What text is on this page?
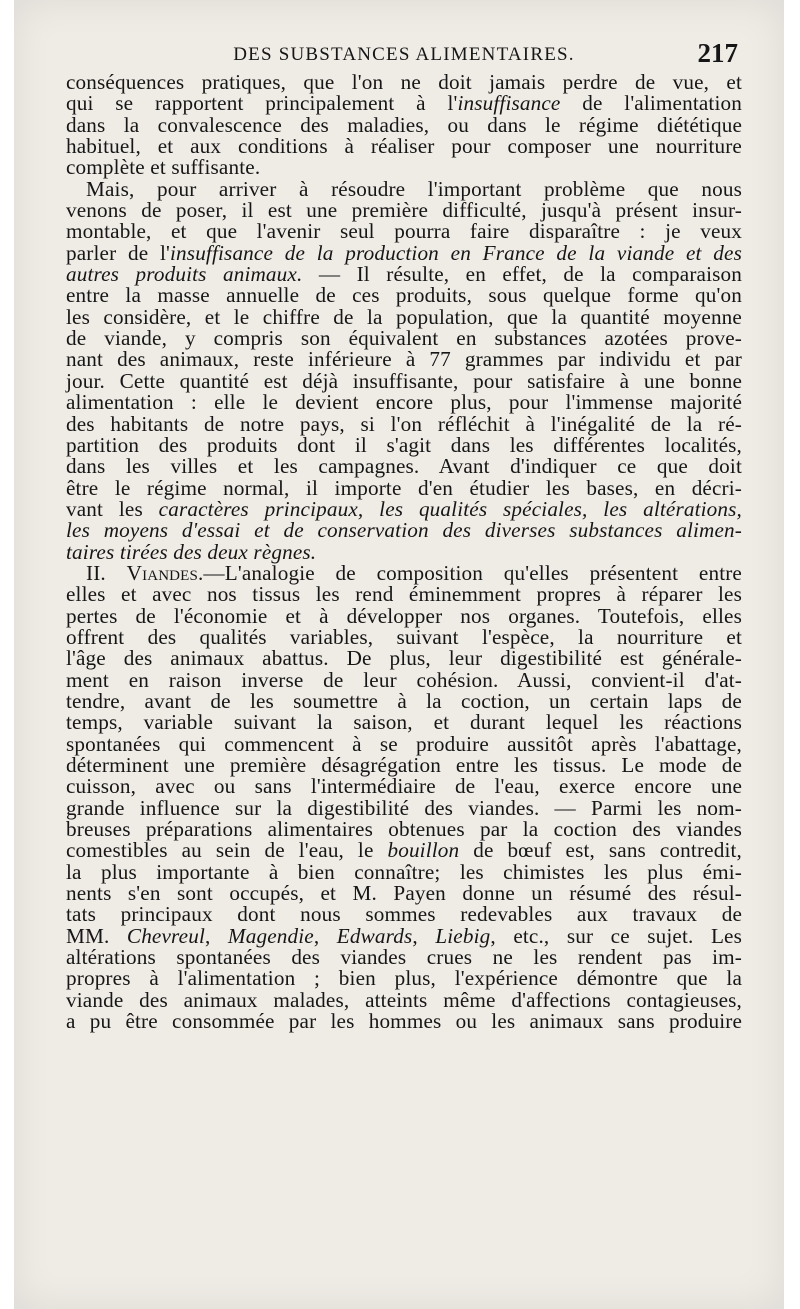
DES SUBSTANCES ALIMENTAIRES.	217
conséquences pratiques, que l'on ne doit jamais perdre de vue, et
qui se rapportent principalement à l'insuffisance de l'alimentation
dans la convalescence des maladies, ou dans le régime diététique
habituel, et aux conditions à réaliser pour composer une nourriture
complète et suffisante.
Mais, pour arriver à résoudre l'important problème que nous
venons de poser, il est une première difficulté, jusqu'à présent insur-
montable, et que l'avenir seul pourra faire disparaître : je veux
parler de l'insuffisance de la production en France de la viande et des
autres produits animaux. — Il résulte, en effet, de la comparaison
entre la masse annuelle de ces produits, sous quelque forme qu'on
les considère, et le chiffre de la population, que la quantité moyenne
de viande, y compris son équivalent en substances azotées prove-
nant des animaux, reste inférieure à 77 grammes par individu et par
jour. Cette quantité est déjà insuffisante, pour satisfaire à une bonne
alimentation : elle le devient encore plus, pour l'immense majorité
des habitants de notre pays, si l'on réfléchit à l'inégalité de la ré-
partition des produits dont il s'agit dans les différentes localités,
dans les villes et les campagnes. Avant d'indiquer ce que doit
être le régime normal, il importe d'en étudier les bases, en décri-
vant les caractères principaux, les qualités spéciales, les altérations,
les moyens d'essai et de conservation des diverses substances alimen-
taires tirées des deux règnes.
II. Viandes.—L'analogie de composition qu'elles présentent entre
elles et avec nos tissus les rend éminemment propres à réparer les
pertes de l'économie et à développer nos organes. Toutefois, elles
offrent des qualités variables, suivant l'espèce, la nourriture et
l'âge des animaux abattus. De plus, leur digestibilité est générale-
ment en raison inverse de leur cohésion. Aussi, convient-il d'at-
tendre, avant de les soumettre à la coction, un certain laps de
temps, variable suivant la saison, et durant lequel les réactions
spontanées qui commencent à se produire aussitôt après l'abattage,
déterminent une première désagrégation entre les tissus. Le mode de
cuisson, avec ou sans l'intermédiaire de l'eau, exerce encore une
grande influence sur la digestibilité des viandes. — Parmi les nom-
breuses préparations alimentaires obtenues par la coction des viandes
comestibles au sein de l'eau, le bouillon de bœuf est, sans contredit,
la plus importante à bien connaître; les chimistes les plus émi-
nents s'en sont occupés, et M. Payen donne un résumé des résul-
tats principaux dont nous sommes redevables aux travaux de
MM. Chevreul, Magendie, Edwards, Liebig, etc., sur ce sujet. Les
altérations spontanées des viandes crues ne les rendent pas im-
propres à l'alimentation ; bien plus, l'expérience démontre que la
viande des animaux malades, atteints même d'affections contagieuses,
a pu être consommée par les hommes ou les animaux sans produire
